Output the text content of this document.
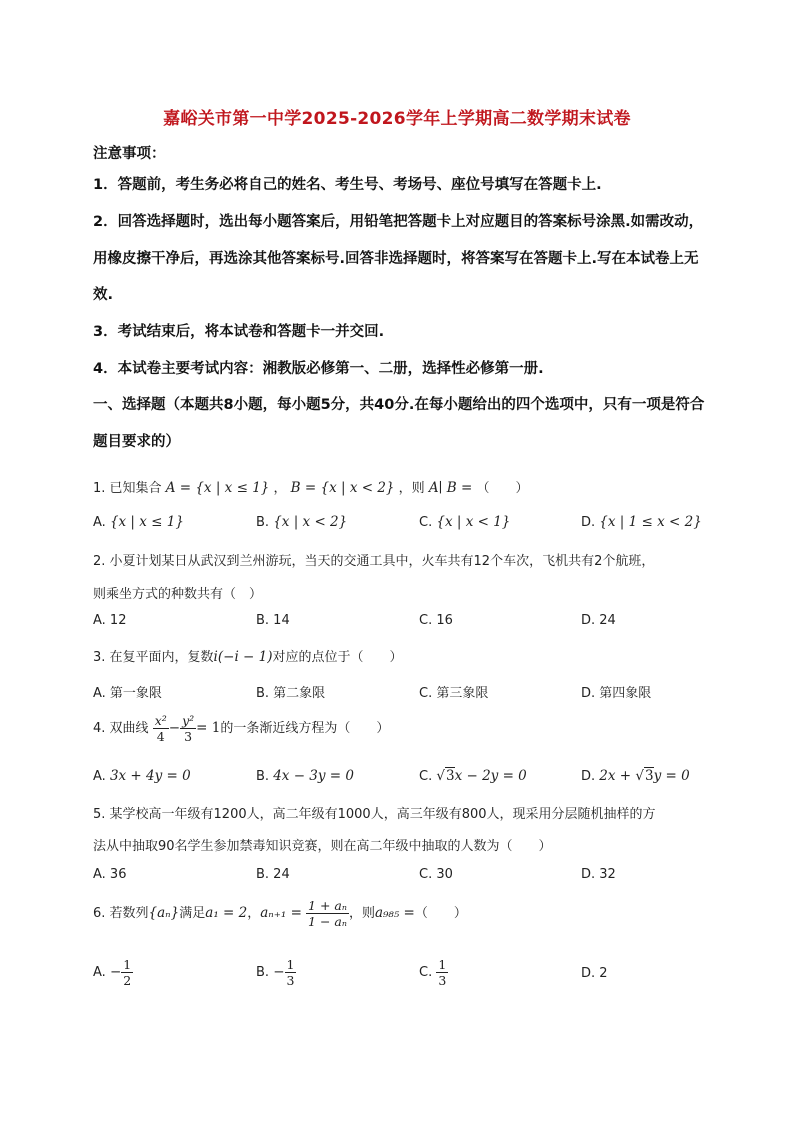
嘉峪关市第一中学2025-2026学年上学期高二数学期末试卷
注意事项：
1．答题前，考生务必将自己的姓名、考生号、考场号、座位号填写在答题卡上.
2．回答选择题时，选出每小题答案后，用铅笔把答题卡上对应题目的答案标号涂黑.如需改动，用橡皮擦干净后，再选涂其他答案标号.回答非选择题时，将答案写在答题卡上.写在本试卷上无效.
3．考试结束后，将本试卷和答题卡一并交回.
4．本试卷主要考试内容：湘教版必修第一、二册，选择性必修第一册.
一、选择题（本题共8小题，每小题5分，共40分.在每小题给出的四个选项中，只有一项是符合题目要求的）
1. 已知集合 A = {x | x ≤ 1} ， B = {x | x < 2} ，则 A∣ B = （　　）
A. {x | x ≤ 1}	B. {x | x < 2}	C. {x | x < 1}	D. {x | 1 ≤ x < 2}
2. 小夏计划某日从武汉到兰州游玩，当天的交通工具中，火车共有12个车次，飞机共有2个航班，
则乘坐方式的种数共有（　）
A. 12	B. 14	C. 16	D. 24
3. 在复平面内，复数i(−i − 1)对应的点位于（　　）
A. 第一象限	B. 第二象限	C. 第三象限	D. 第四象限
4. 双曲线 $\frac{\text{x²}}{4} - \frac{\text{y²}}{3} = 1$的一条渐近线方程为（　　）
A. 3x + 4y = 0	B. 4x − 3y = 0	C. √3x − 2y = 0	D. 2x + √3y = 0
5. 某学校高一年级有1200人，高二年级有1000人，高三年级有800人，现采用分层随机抽样的方
法从中抽取90名学生参加禁毒知识竞赛，则在高二年级中抽取的人数为（　　）
A. 36	B. 24	C. 30	D. 32
6. 若数列{aₙ}满足a₁ = 2，$a_{n+1} = \frac{\text{1 + aₙ}}{\text{1 − aₙ}}$ ，则a₉₈₅ =（　　）
A. − $\frac{1}{2}$	B. − $\frac{1}{3}$	C. $\frac{1}{3}$	D. 2
